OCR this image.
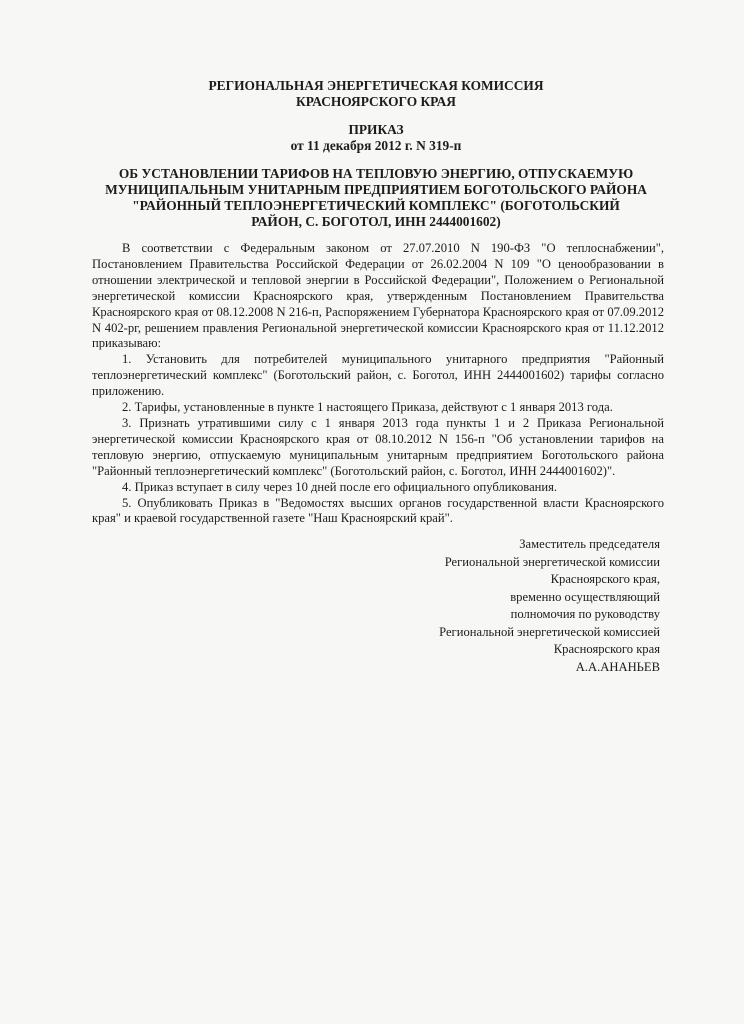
РЕГИОНАЛЬНАЯ ЭНЕРГЕТИЧЕСКАЯ КОМИССИЯ
КРАСНОЯРСКОГО КРАЯ
ПРИКАЗ
от 11 декабря 2012 г. N 319-п
ОБ УСТАНОВЛЕНИИ ТАРИФОВ НА ТЕПЛОВУЮ ЭНЕРГИЮ, ОТПУСКАЕМУЮ
МУНИЦИПАЛЬНЫМ УНИТАРНЫМ ПРЕДПРИЯТИЕМ БОГОТОЛЬСКОГО РАЙОНА
"РАЙОННЫЙ ТЕПЛОЭНЕРГЕТИЧЕСКИЙ КОМПЛЕКС" (БОГОТОЛЬСКИЙ
РАЙОН, С. БОГОТОЛ, ИНН 2444001602)

В соответствии с Федеральным законом от 27.07.2010 N 190-ФЗ "О теплоснабжении", Постановлением Правительства Российской Федерации от 26.02.2004 N 109 "О ценообразовании в отношении электрической и тепловой энергии в Российской Федерации", Положением о Региональной энергетической комиссии Красноярского края, утвержденным Постановлением Правительства Красноярского края от 08.12.2008 N 216-п, Распоряжением Губернатора Красноярского края от 07.09.2012 N 402-рг, решением правления Региональной энергетической комиссии Красноярского края от 11.12.2012 приказываю:

1. Установить для потребителей муниципального унитарного предприятия "Районный теплоэнергетический комплекс" (Боготольский район, с. Боготол, ИНН 2444001602) тарифы согласно приложению.

2. Тарифы, установленные в пункте 1 настоящего Приказа, действуют с 1 января 2013 года.

3. Признать утратившими силу с 1 января 2013 года пункты 1 и 2 Приказа Региональной энергетической комиссии Красноярского края от 08.10.2012 N 156-п "Об установлении тарифов на тепловую энергию, отпускаемую муниципальным унитарным предприятием Боготольского района "Районный теплоэнергетический комплекс" (Боготольский район, с. Боготол, ИНН 2444001602)".

4. Приказ вступает в силу через 10 дней после его официального опубликования.

5. Опубликовать Приказ в "Ведомостях высших органов государственной власти Красноярского края" и краевой государственной газете "Наш Красноярский край".

Заместитель председателя
Региональной энергетической комиссии
Красноярского края,
временно осуществляющий
полномочия по руководству
Региональной энергетической комиссией
Красноярского края
А.А.АНАНЬЕВ
